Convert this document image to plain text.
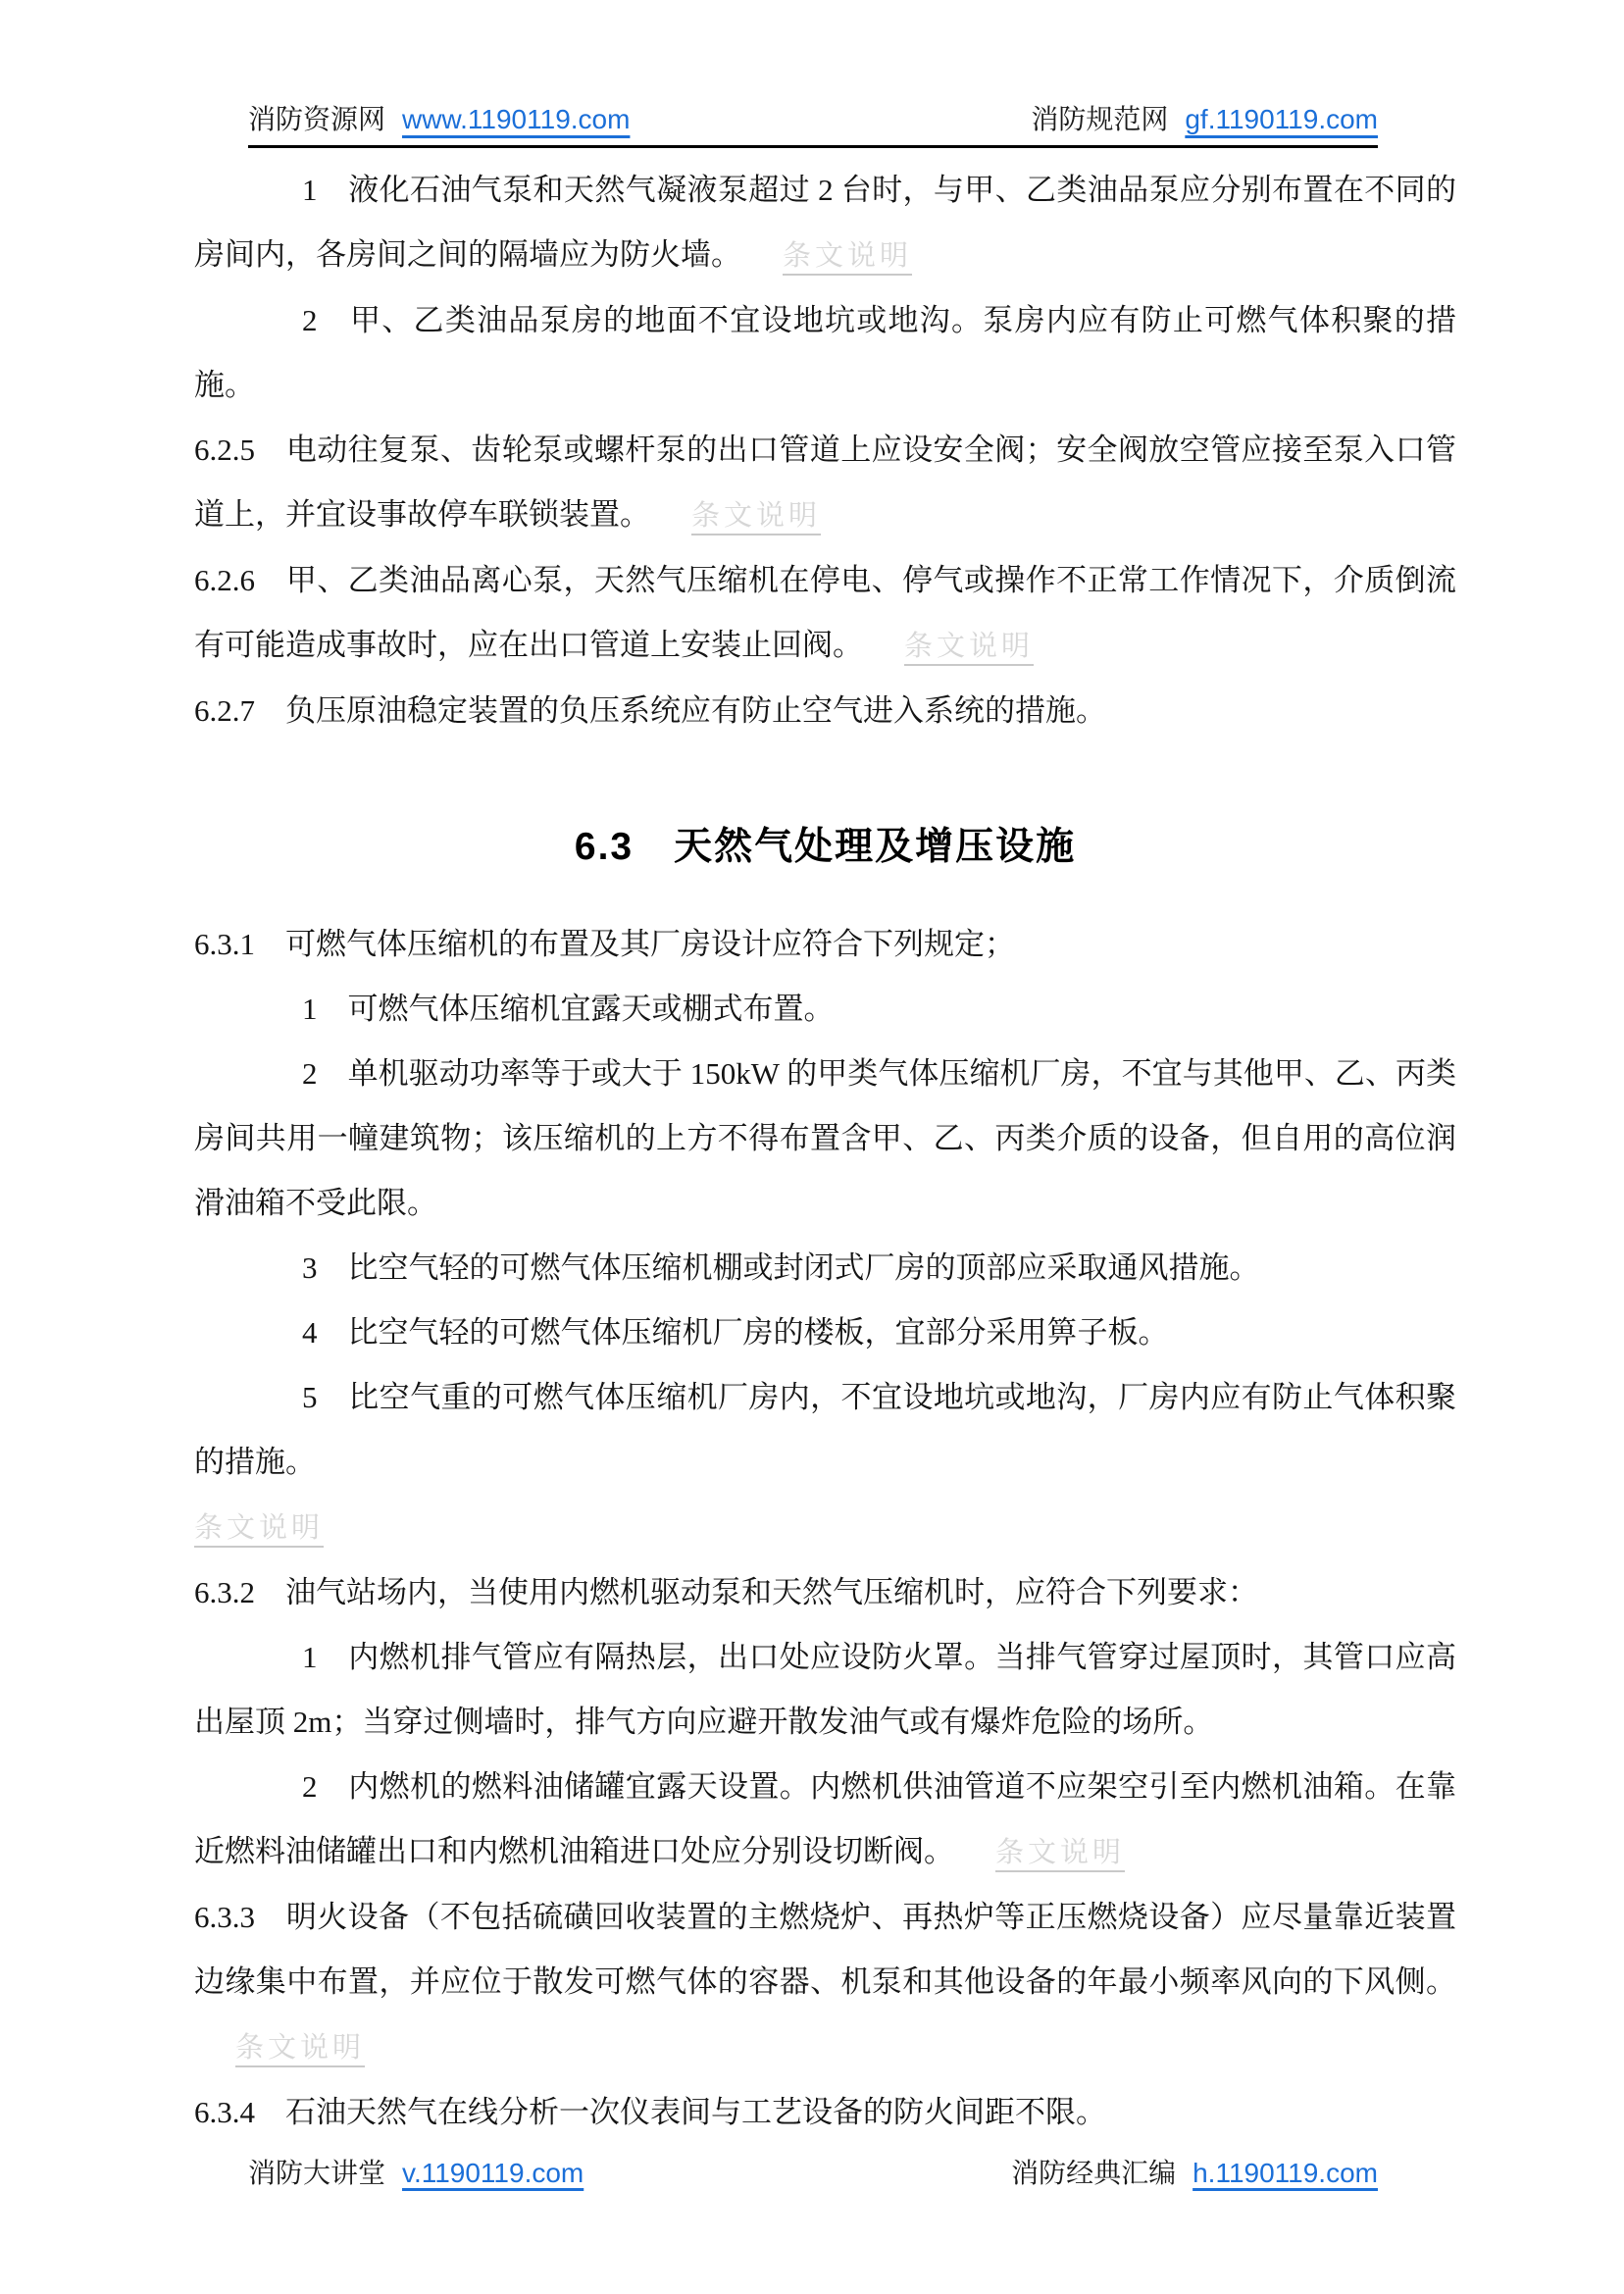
消防资源网 www.1190119.com	消防规范网 gf.1190119.com

1　液化石油气泵和天然气凝液泵超过 2 台时，与甲、乙类油品泵应分别布置在不同的房间内，各房间之间的隔墙应为防火墙。 条文说明

2　甲、乙类油品泵房的地面不宜设地坑或地沟。泵房内应有防止可燃气体积聚的措施。

6.2.5　电动往复泵、齿轮泵或螺杆泵的出口管道上应设安全阀；安全阀放空管应接至泵入口管道上，并宜设事故停车联锁装置。 条文说明

6.2.6　甲、乙类油品离心泵，天然气压缩机在停电、停气或操作不正常工作情况下，介质倒流有可能造成事故时，应在出口管道上安装止回阀。 条文说明

6.2.7　负压原油稳定装置的负压系统应有防止空气进入系统的措施。

6.3　天然气处理及增压设施

6.3.1　可燃气体压缩机的布置及其厂房设计应符合下列规定；

1　可燃气体压缩机宜露天或棚式布置。

2　单机驱动功率等于或大于 150kW 的甲类气体压缩机厂房，不宜与其他甲、乙、丙类房间共用一幢建筑物；该压缩机的上方不得布置含甲、乙、丙类介质的设备，但自用的高位润滑油箱不受此限。

3　比空气轻的可燃气体压缩机棚或封闭式厂房的顶部应采取通风措施。

4　比空气轻的可燃气体压缩机厂房的楼板，宜部分采用箅子板。

5　比空气重的可燃气体压缩机厂房内，不宜设地坑或地沟，厂房内应有防止气体积聚的措施。

条文说明

6.3.2　油气站场内，当使用内燃机驱动泵和天然气压缩机时，应符合下列要求：

1　内燃机排气管应有隔热层，出口处应设防火罩。当排气管穿过屋顶时，其管口应高出屋顶 2m；当穿过侧墙时，排气方向应避开散发油气或有爆炸危险的场所。

2　内燃机的燃料油储罐宜露天设置。内燃机供油管道不应架空引至内燃机油箱。在靠近燃料油储罐出口和内燃机油箱进口处应分别设切断阀。 条文说明

6.3.3　明火设备（不包括硫磺回收装置的主燃烧炉、再热炉等正压燃烧设备）应尽量靠近装置边缘集中布置，并应位于散发可燃气体的容器、机泵和其他设备的年最小频率风向的下风侧。条文说明

6.3.4　石油天然气在线分析一次仪表间与工艺设备的防火间距不限。

消防大讲堂 v.1190119.com	消防经典汇编 h.1190119.com
